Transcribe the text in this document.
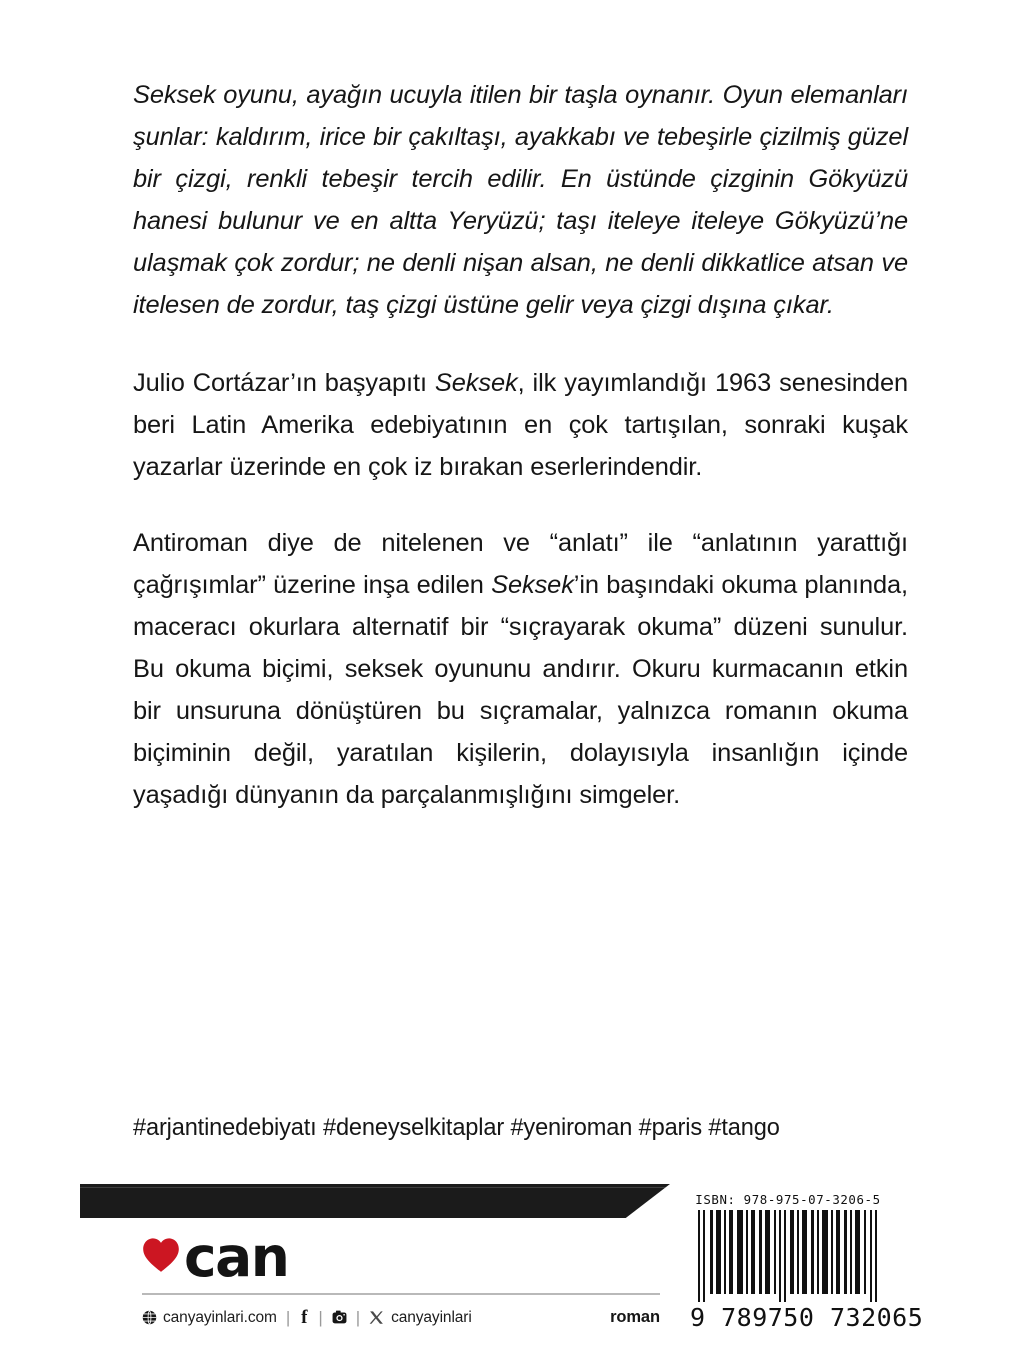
Seksek oyunu, ayağın ucuyla itilen bir taşla oynanır. Oyun elemanları şunlar: kaldırım, irice bir çakıltaşı, ayakkabı ve tebeşirle çizilmiş güzel bir çizgi, renkli tebeşir tercih edilir. En üstünde çizginin Gökyüzü hanesi bulunur ve en altta Yeryüzü; taşı iteleye iteleye Gökyüzü’ne ulaşmak çok zordur; ne denli nişan alsan, ne denli dikkatlice atsan ve itelesen de zordur, taş çizgi üstüne gelir veya çizgi dışına çıkar.

Julio Cortázar’ın başyapıtı Seksek, ilk yayımlandığı 1963 senesinden beri Latin Amerika edebiyatının en çok tartışılan, sonraki kuşak yazarlar üzerinde en çok iz bırakan eserlerindendir.

Antiroman diye de nitelenen ve “anlatı” ile “anlatının yarattığı çağrışımlar” üzerine inşa edilen Seksek’in başındaki okuma planında, maceracı okurlara alternatif bir “sıçrayarak okuma” düzeni sunulur. Bu okuma biçimi, seksek oyununu andırır. Okuru kurmacanın etkin bir unsuruna dönüştüren bu sıçramalar, yalnızca romanın okuma biçiminin değil, yaratılan kişilerin, dolayısıyla insanlığın içinde yaşadığı dünyanın da parçalanmışlığını simgeler.

#arjantinedebiyatı #deneyselkitaplar #yeniroman #paris #tango
can
canyayinlari.com | f | | canyayinlari	roman
ISBN: 978-975-07-3206-5
9 789750 732065
